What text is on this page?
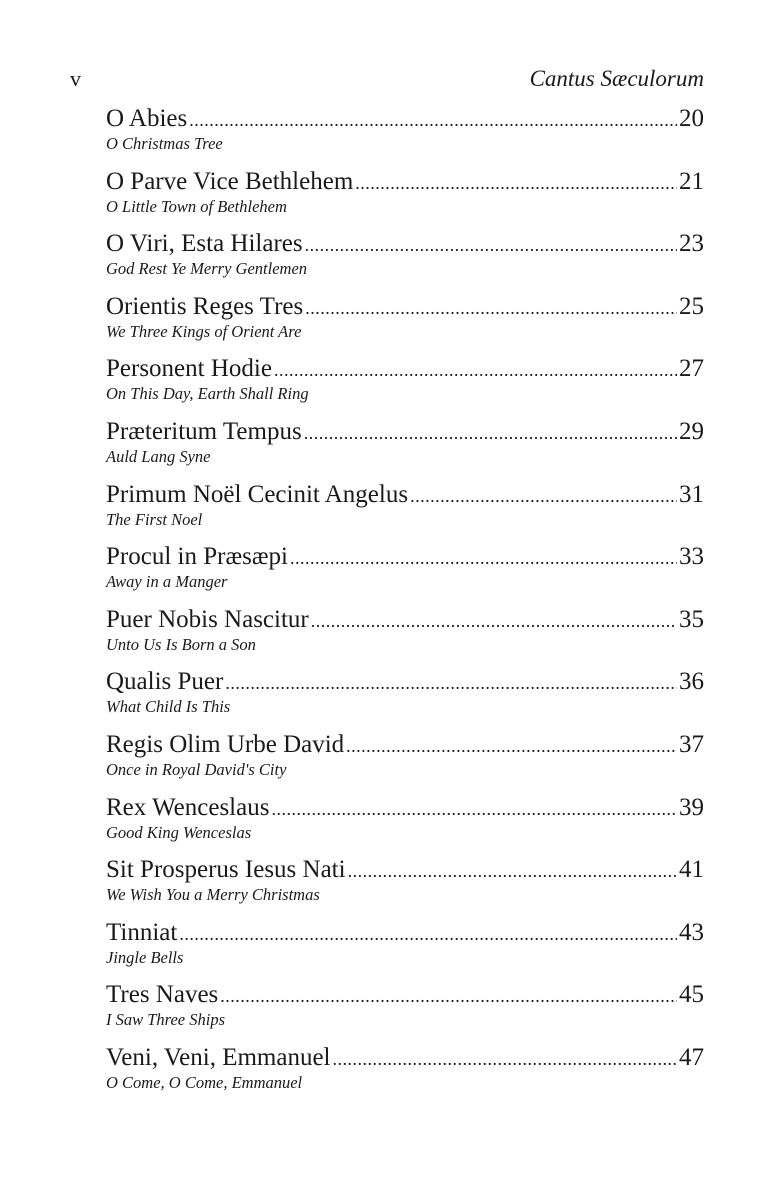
v	Cantus Sæculorum
O Abies .....	20
O Christmas Tree
O Parve Vice Bethlehem .....	21
O Little Town of Bethlehem
O Viri, Esta Hilares .....	23
God Rest Ye Merry Gentlemen
Orientis Reges Tres .....	25
We Three Kings of Orient Are
Personent Hodie .....	27
On This Day, Earth Shall Ring
Præteritum Tempus .....	29
Auld Lang Syne
Primum Noël Cecinit Angelus .....	31
The First Noel
Procul in Præsæpi .....	33
Away in a Manger
Puer Nobis Nascitur .....	35
Unto Us Is Born a Son
Qualis Puer .....	36
What Child Is This
Regis Olim Urbe David .....	37
Once in Royal David's City
Rex Wenceslaus .....	39
Good King Wenceslas
Sit Prosperus Iesus Nati .....	41
We Wish You a Merry Christmas
Tinniat .....	43
Jingle Bells
Tres Naves .....	45
I Saw Three Ships
Veni, Veni, Emmanuel .....	47
O Come, O Come, Emmanuel
